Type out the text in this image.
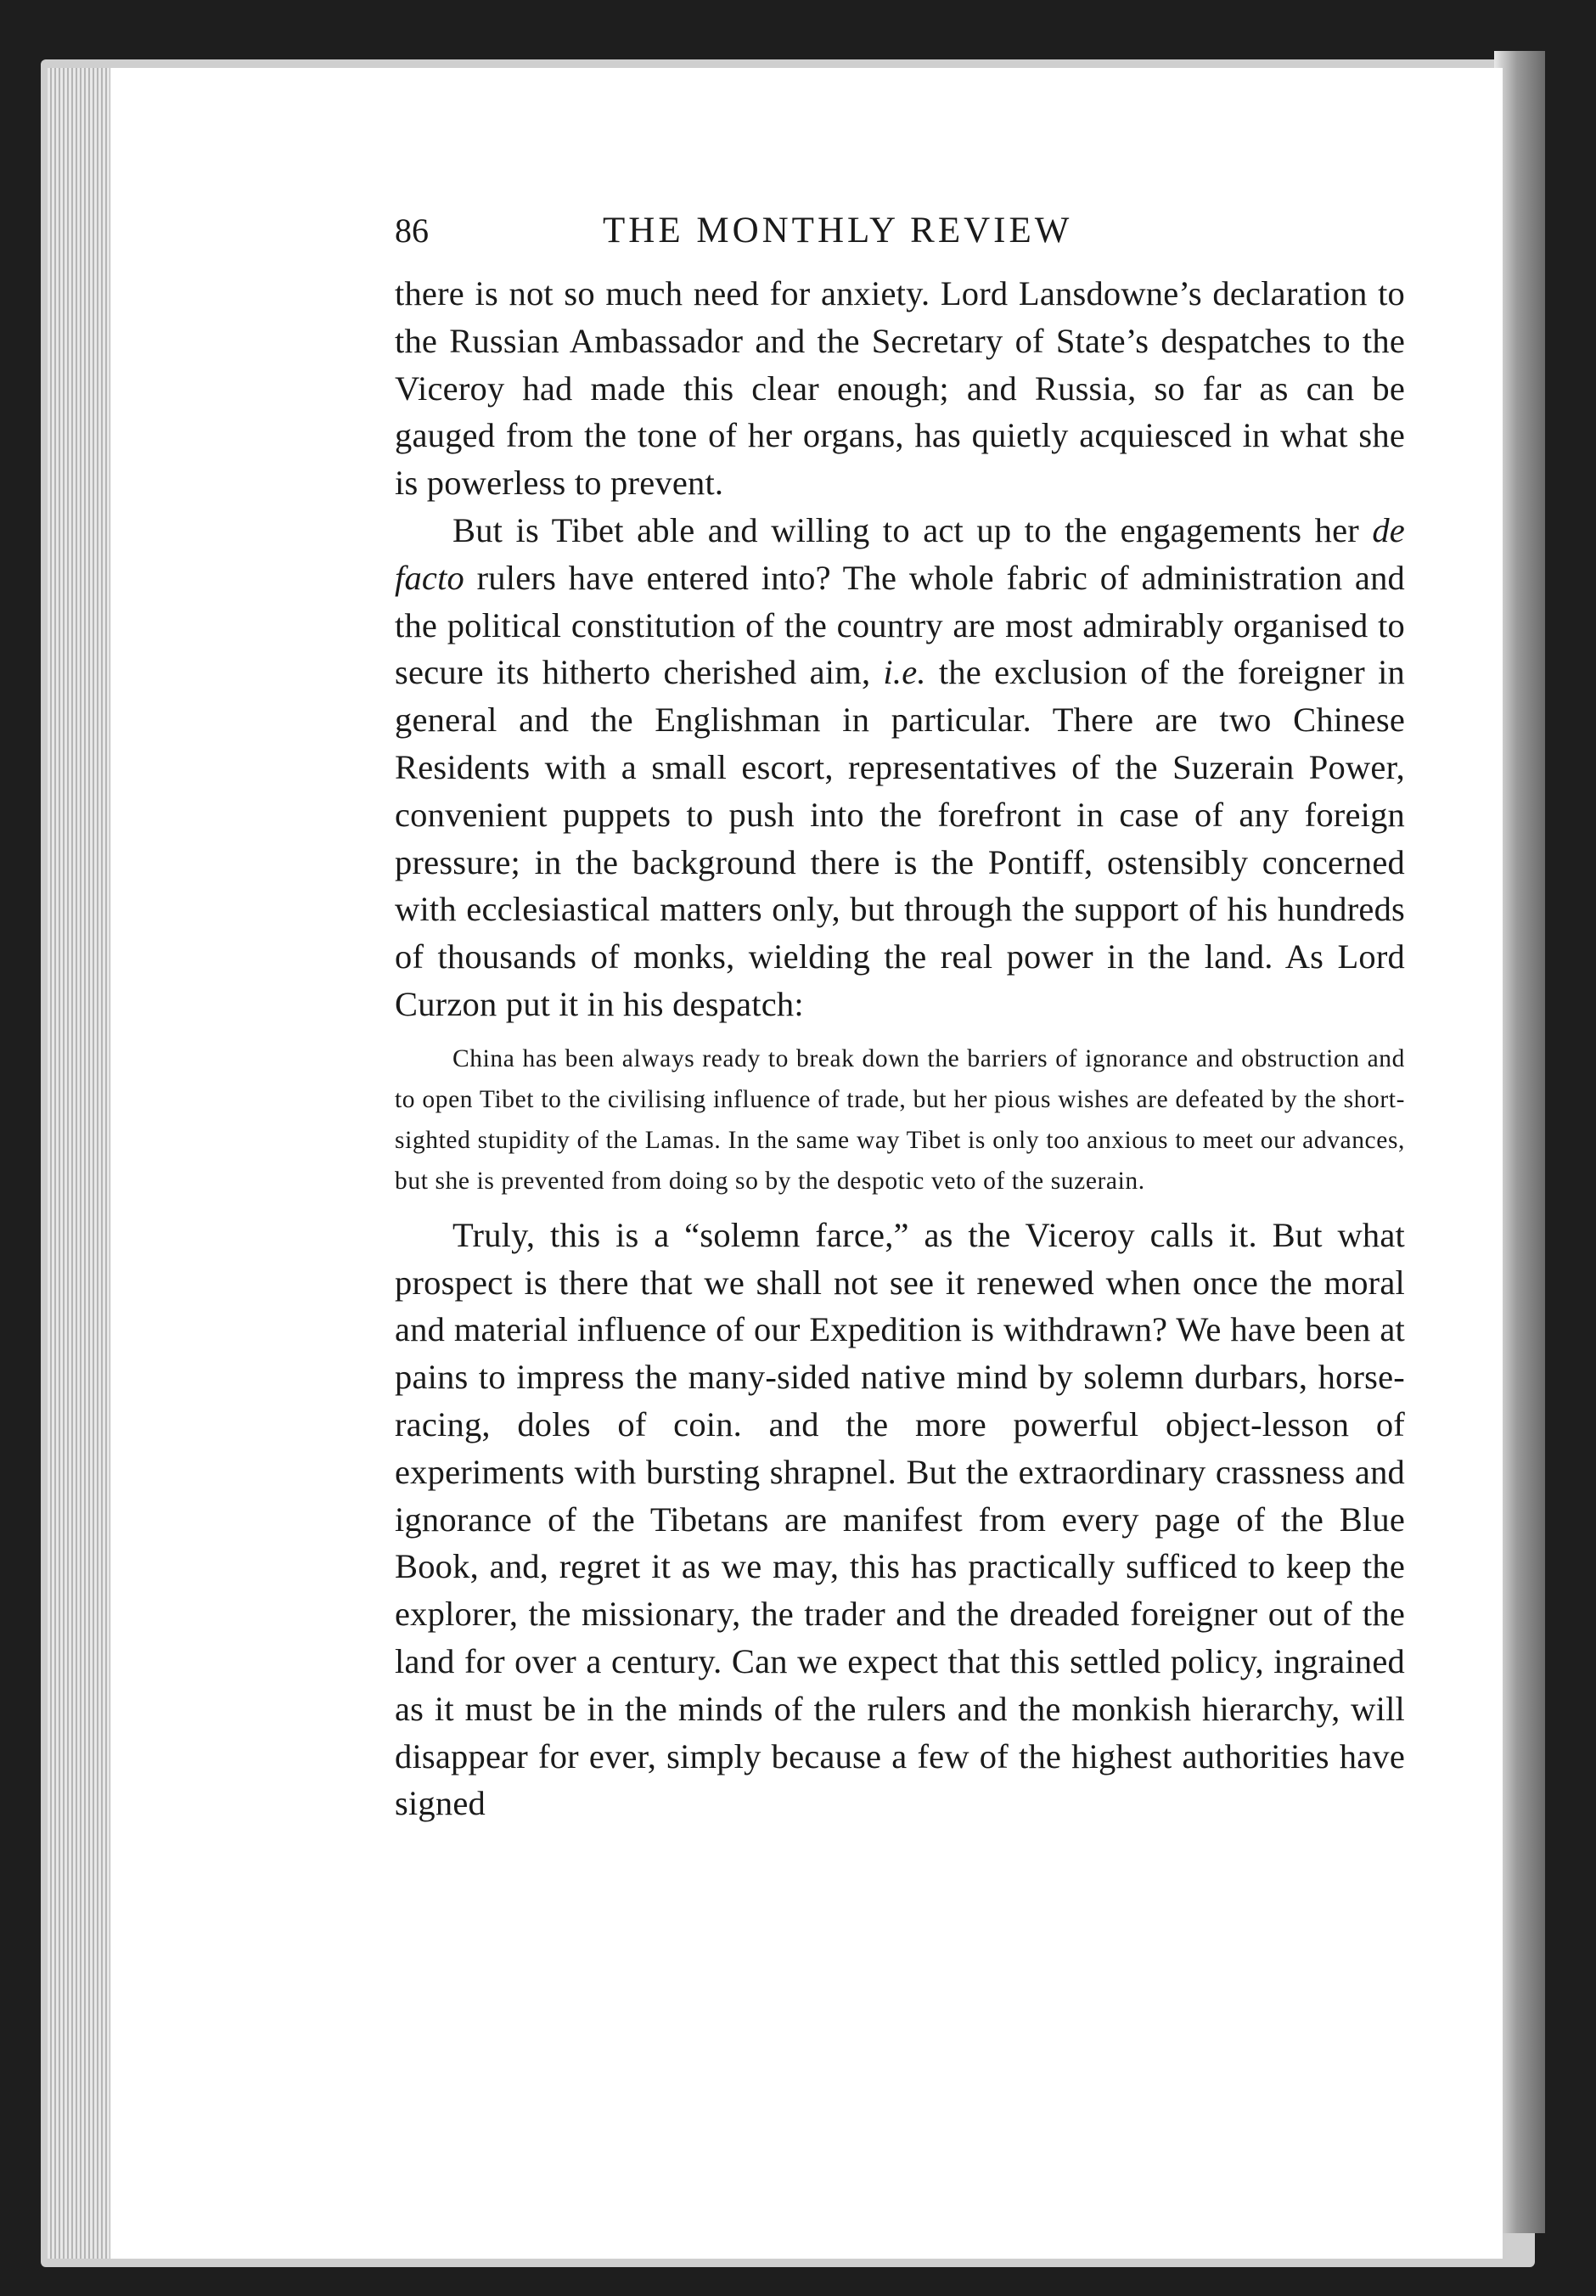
86	THE MONTHLY REVIEW

there is not so much need for anxiety. Lord Lansdowne’s declaration to the Russian Ambassador and the Secretary of State’s despatches to the Viceroy had made this clear enough; and Russia, so far as can be gauged from the tone of her organs, has quietly acquiesced in what she is powerless to prevent.

But is Tibet able and willing to act up to the engagements her de facto rulers have entered into? The whole fabric of administration and the political constitution of the country are most admirably organised to secure its hitherto cherished aim, i.e. the exclusion of the foreigner in general and the Englishman in particular. There are two Chinese Residents with a small escort, representatives of the Suzerain Power, convenient puppets to push into the forefront in case of any foreign pressure; in the background there is the Pontiff, ostensibly concerned with ecclesiastical matters only, but through the support of his hundreds of thousands of monks, wielding the real power in the land. As Lord Curzon put it in his despatch:

China has been always ready to break down the barriers of ignorance and obstruction and to open Tibet to the civilising influence of trade, but her pious wishes are defeated by the short-sighted stupidity of the Lamas. In the same way Tibet is only too anxious to meet our advances, but she is prevented from doing so by the despotic veto of the suzerain.

Truly, this is a “solemn farce,” as the Viceroy calls it. But what prospect is there that we shall not see it renewed when once the moral and material influence of our Expedition is withdrawn? We have been at pains to impress the many-sided native mind by solemn durbars, horse-racing, doles of coin. and the more powerful object-lesson of experiments with bursting shrapnel. But the extraordinary crassness and ignorance of the Tibetans are manifest from every page of the Blue Book, and, regret it as we may, this has practically sufficed to keep the explorer, the missionary, the trader and the dreaded foreigner out of the land for over a century. Can we expect that this settled policy, ingrained as it must be in the minds of the rulers and the monkish hierarchy, will disappear for ever, simply because a few of the highest authorities have signed
